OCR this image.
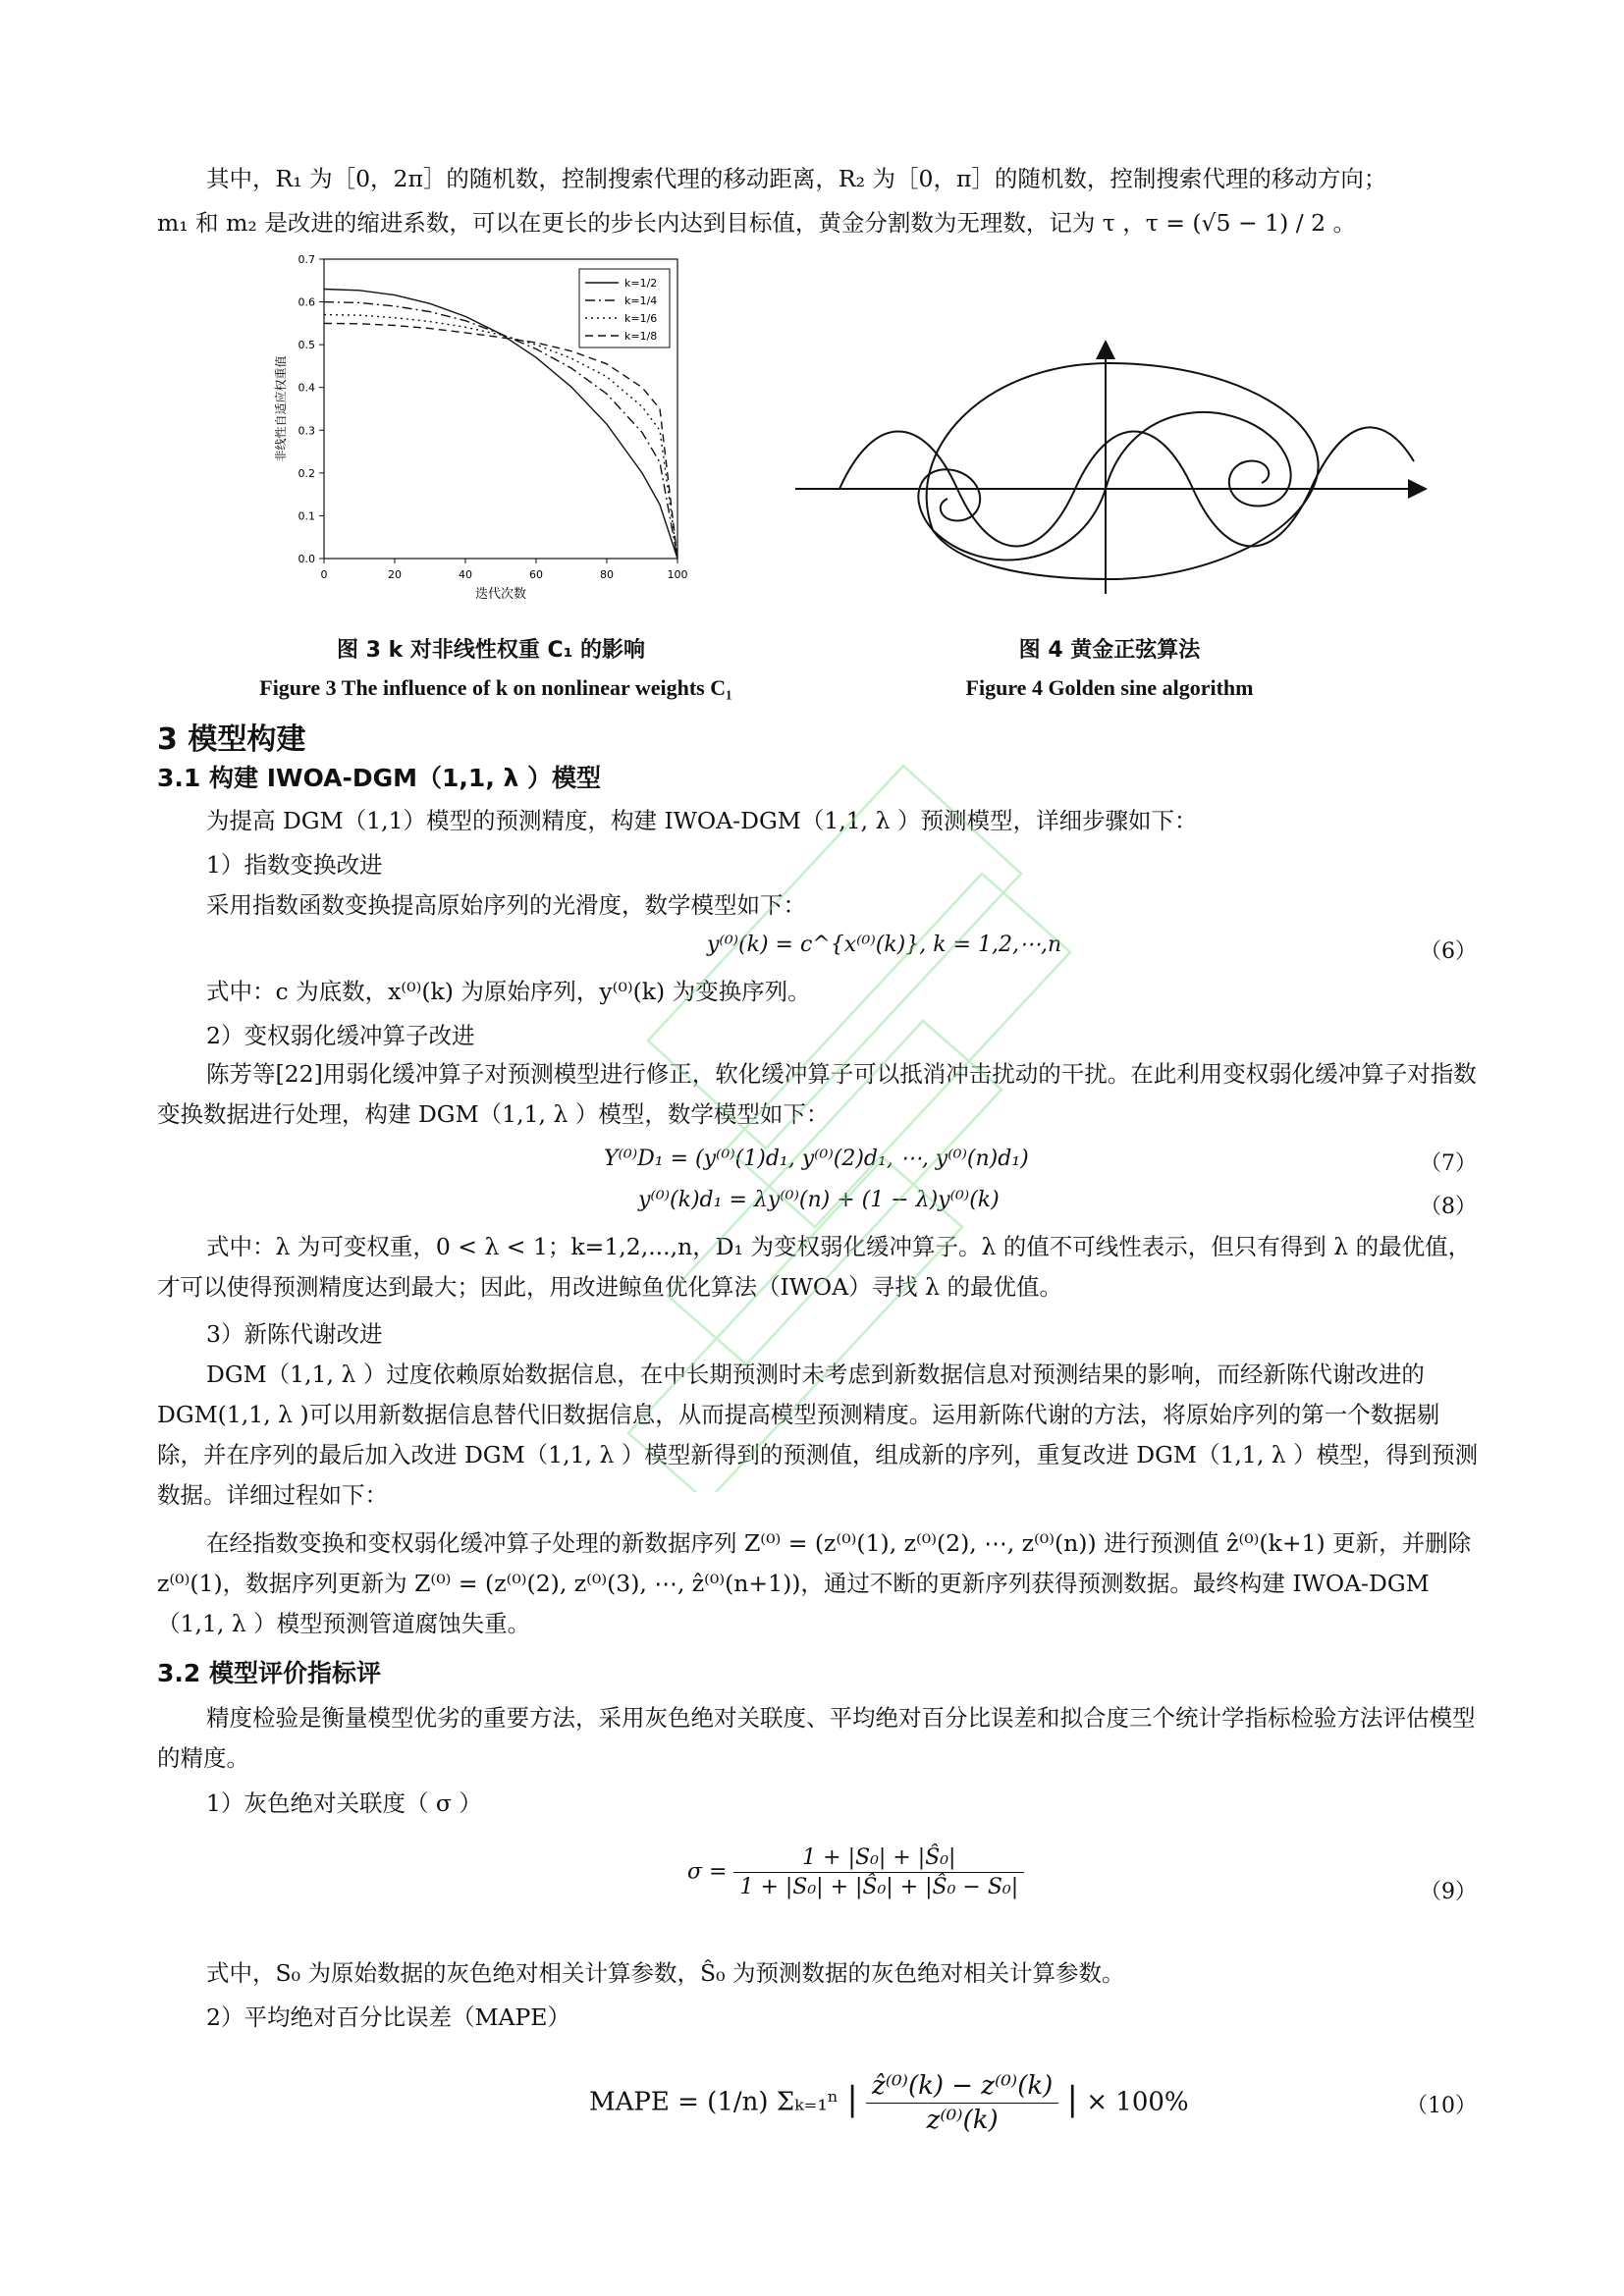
其中，R₁ 为［0，2π］的随机数，控制搜索代理的移动距离，R₂ 为［0，π］的随机数，控制搜索代理的移动方向；

m₁ 和 m₂ 是改进的缩进系数，可以在更长的步长内达到目标值，黄金分割数为无理数，记为 τ ，τ = (√5 − 1) / 2 。

0	20	40	60	80	100
0.0
0.1
0.2
0.3
0.4
0.5
0.6
0.7
迭代次数
非线性自适应权重值
k=1/2
k=1/4
k=1/6
k=1/8
图 3 k 对非线性权重 C₁ 的影响
Figure 3 The influence of k on nonlinear weights C₁
图 4 黄金正弦算法
Figure 4 Golden sine algorithm
3 模型构建
3.1 构建 IWOA-DGM（1,1, λ ）模型

为提高 DGM（1,1）模型的预测精度，构建 IWOA-DGM（1,1, λ ）预测模型，详细步骤如下：

1）指数变换改进

采用指数函数变换提高原始序列的光滑度，数学模型如下：

y⁽⁰⁾(k) = c^{x⁽⁰⁾(k)}, k = 1,2,⋯,n	（6）

式中：c 为底数，x⁽⁰⁾(k) 为原始序列，y⁽⁰⁾(k) 为变换序列。

2）变权弱化缓冲算子改进

陈芳等[22]用弱化缓冲算子对预测模型进行修正，软化缓冲算子可以抵消冲击扰动的干扰。在此利用变权弱化缓冲算子对指数变换数据进行处理，构建 DGM（1,1, λ ）模型，数学模型如下：

Y⁽⁰⁾D₁ = (y⁽⁰⁾(1)d₁, y⁽⁰⁾(2)d₁, ⋯, y⁽⁰⁾(n)d₁)	（7）
y⁽⁰⁾(k)d₁ = λy⁽⁰⁾(n) + (1 − λ)y⁽⁰⁾(k)	（8）

式中：λ 为可变权重，0 < λ < 1；k=1,2,...,n，D₁ 为变权弱化缓冲算子。λ 的值不可线性表示，但只有得到 λ 的最优值，才可以使得预测精度达到最大；因此，用改进鲸鱼优化算法（IWOA）寻找 λ 的最优值。

3）新陈代谢改进

DGM（1,1, λ ）过度依赖原始数据信息，在中长期预测时未考虑到新数据信息对预测结果的影响，而经新陈代谢改进的 DGM(1,1, λ )可以用新数据信息替代旧数据信息，从而提高模型预测精度。运用新陈代谢的方法，将原始序列的第一个数据剔除，并在序列的最后加入改进 DGM（1,1, λ ）模型新得到的预测值，组成新的序列，重复改进 DGM（1,1, λ ）模型，得到预测数据。详细过程如下：

在经指数变换和变权弱化缓冲算子处理的新数据序列 Z⁽⁰⁾ = (z⁽⁰⁾(1), z⁽⁰⁾(2), ⋯, z⁽⁰⁾(n)) 进行预测值 ẑ⁽⁰⁾(k+1) 更新，并删除 z⁽⁰⁾(1)，数据序列更新为 Z⁽⁰⁾ = (z⁽⁰⁾(2), z⁽⁰⁾(3), ⋯, ẑ⁽⁰⁾(n+1))，通过不断的更新序列获得预测数据。最终构建 IWOA-DGM（1,1, λ ）模型预测管道腐蚀失重。

3.2 模型评价指标评

精度检验是衡量模型优劣的重要方法，采用灰色绝对关联度、平均绝对百分比误差和拟合度三个统计学指标检验方法评估模型的精度。

1）灰色绝对关联度（ σ ）

$\sigma = \frac{\text{1 + |S₀| + |Ŝ₀|}}{\text{1 + |S₀| + |Ŝ₀| + |Ŝ₀ − S₀|}}$	（9）

式中，S₀ 为原始数据的灰色绝对相关计算参数，Ŝ₀ 为预测数据的灰色绝对相关计算参数。

2）平均绝对百分比误差（MAPE）

MAPE = (1/n) Σₖ₌₁ⁿ | $\frac{\text{ẑ⁽⁰⁾(k) − z⁽⁰⁾(k)}}{\text{z⁽⁰⁾(k)}}$ | × 100%	（10）
